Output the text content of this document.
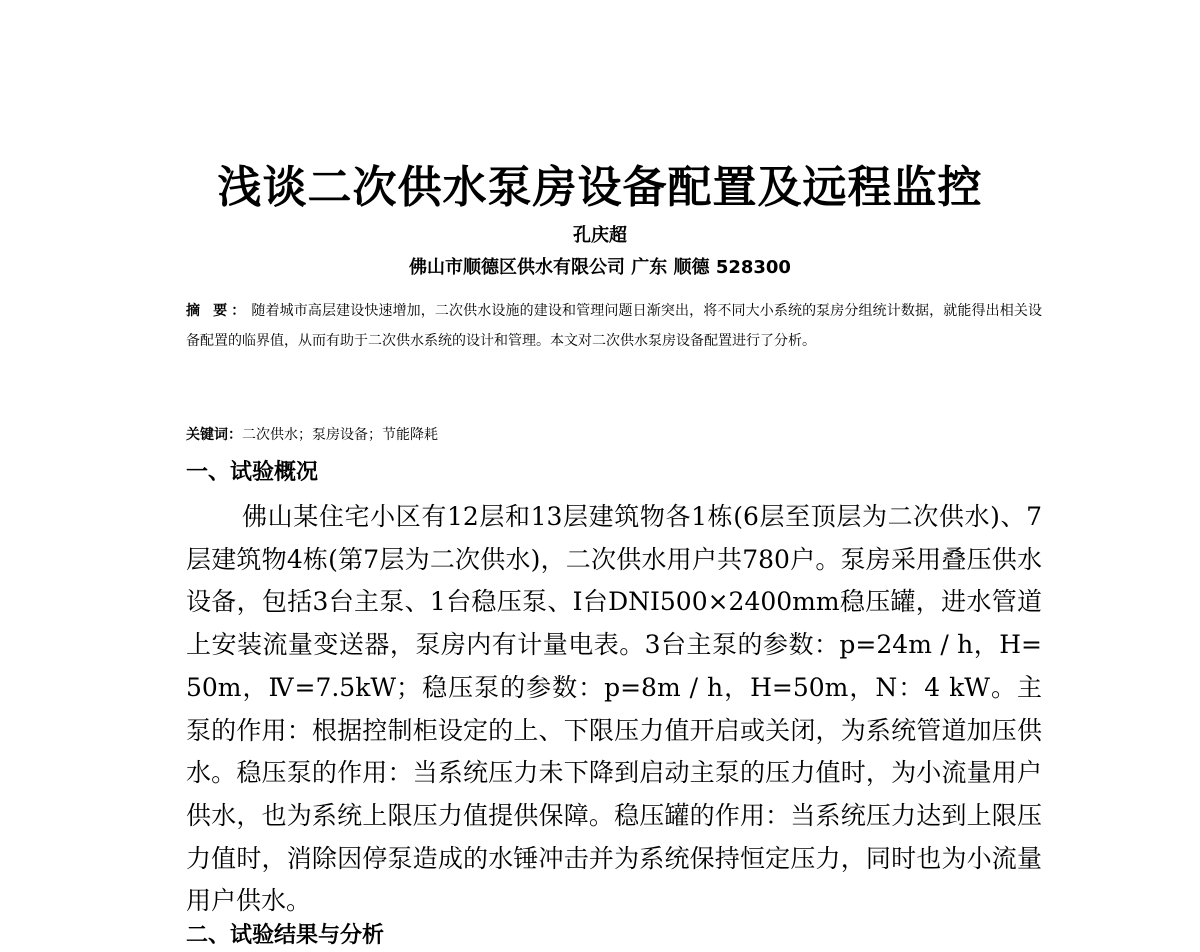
浅谈二次供水泵房设备配置及远程监控
孔庆超
佛山市顺德区供水有限公司 广东 顺德 528300
摘 要： 随着城市高层建设快速增加，二次供水设施的建设和管理问题日渐突出，将不同大小系统的泵房分组统计数据，就能得出相关设备配置的临界值，从而有助于二次供水系统的设计和管理。本文对二次供水泵房设备配置进行了分析。
关键词：二次供水；泵房设备；节能降耗
一、试验概况
佛山某住宅小区有12层和13层建筑物各1栋(6层至顶层为二次供水)、7层建筑物4栋(第7层为二次供水)，二次供水用户共780户。泵房采用叠压供水设备，包括3台主泵、1台稳压泵、I台DNI500×2400mm稳压罐，进水管道上安装流量变送器，泵房内有计量电表。3台主泵的参数：p=24m / h，H=50m，Ⅳ=7.5kW；稳压泵的参数：p=8m / h，H=50m，N：4 kW。主泵的作用：根据控制柜设定的上、下限压力值开启或关闭，为系统管道加压供水。稳压泵的作用：当系统压力未下降到启动主泵的压力值时，为小流量用户供水，也为系统上限压力值提供保障。稳压罐的作用：当系统压力达到上限压力值时，消除因停泵造成的水锤冲击并为系统保持恒定压力，同时也为小流量用户供水。
二、试验结果与分析
